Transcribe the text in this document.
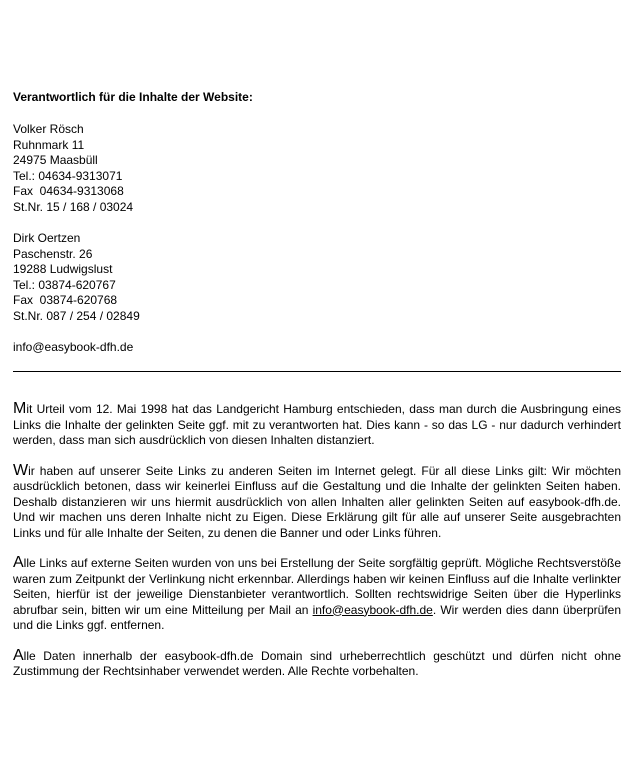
Verantwortlich für die Inhalte der Website:
Volker Rösch
Ruhnmark 11
24975 Maasbüll
Tel.: 04634-9313071
Fax  04634-9313068
St.Nr. 15 / 168 / 03024
Dirk Oertzen
Paschenstr. 26
19288 Ludwigslust
Tel.: 03874-620767
Fax  03874-620768
St.Nr. 087 / 254 / 02849
info@easybook-dfh.de

Mit Urteil vom 12. Mai 1998 hat das Landgericht Hamburg entschieden, dass man durch die Ausbringung eines Links die Inhalte der gelinkten Seite ggf. mit zu verantworten hat. Dies kann - so das LG - nur dadurch verhindert werden, dass man sich ausdrücklich von diesen Inhalten distanziert.

Wir haben auf unserer Seite Links zu anderen Seiten im Internet gelegt. Für all diese Links gilt: Wir möchten ausdrücklich betonen, dass wir keinerlei Einfluss auf die Gestaltung und die Inhalte der gelinkten Seiten haben. Deshalb distanzieren wir uns hiermit ausdrücklich von allen Inhalten aller gelinkten Seiten auf easybook-dfh.de. Und wir machen uns deren Inhalte nicht zu Eigen. Diese Erklärung gilt für alle auf unserer Seite ausgebrachten Links und für alle Inhalte der Seiten, zu denen die Banner und oder Links führen.

Alle Links auf externe Seiten wurden von uns bei Erstellung der Seite sorgfältig geprüft. Mögliche Rechtsverstöße waren zum Zeitpunkt der Verlinkung nicht erkennbar. Allerdings haben wir keinen Einfluss auf die Inhalte verlinkter Seiten, hierfür ist der jeweilige Dienstanbieter verantwortlich. Sollten rechtswidrige Seiten über die Hyperlinks abrufbar sein, bitten wir um eine Mitteilung per Mail an info@easybook-dfh.de. Wir werden dies dann überprüfen und die Links ggf. entfernen.

Alle Daten innerhalb der easybook-dfh.de Domain sind urheberrechtlich geschützt und dürfen nicht ohne Zustimmung der Rechtsinhaber verwendet werden. Alle Rechte vorbehalten.
